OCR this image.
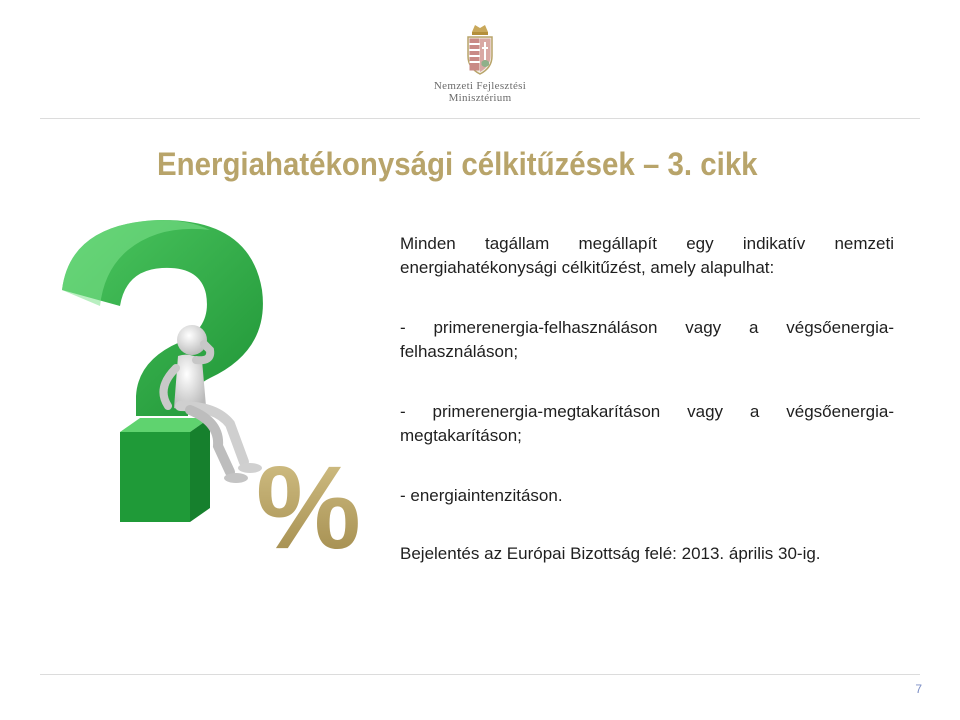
Nemzeti Fejlesztési
Minisztérium
Energiahatékonysági célkitűzések – 3. cikk
%

Minden tagállam megállapít egy indikatív nemzeti energiahatékonysági célkitűzést, amely alapulhat:

- primerenergia-felhasználáson vagy a végsőenergia-felhasználáson;

- primerenergia-megtakarításon vagy a végsőenergia-megtakarításon;

- energiaintenzitáson.

Bejelentés az Európai Bizottság felé: 2013. április 30-ig.

7
